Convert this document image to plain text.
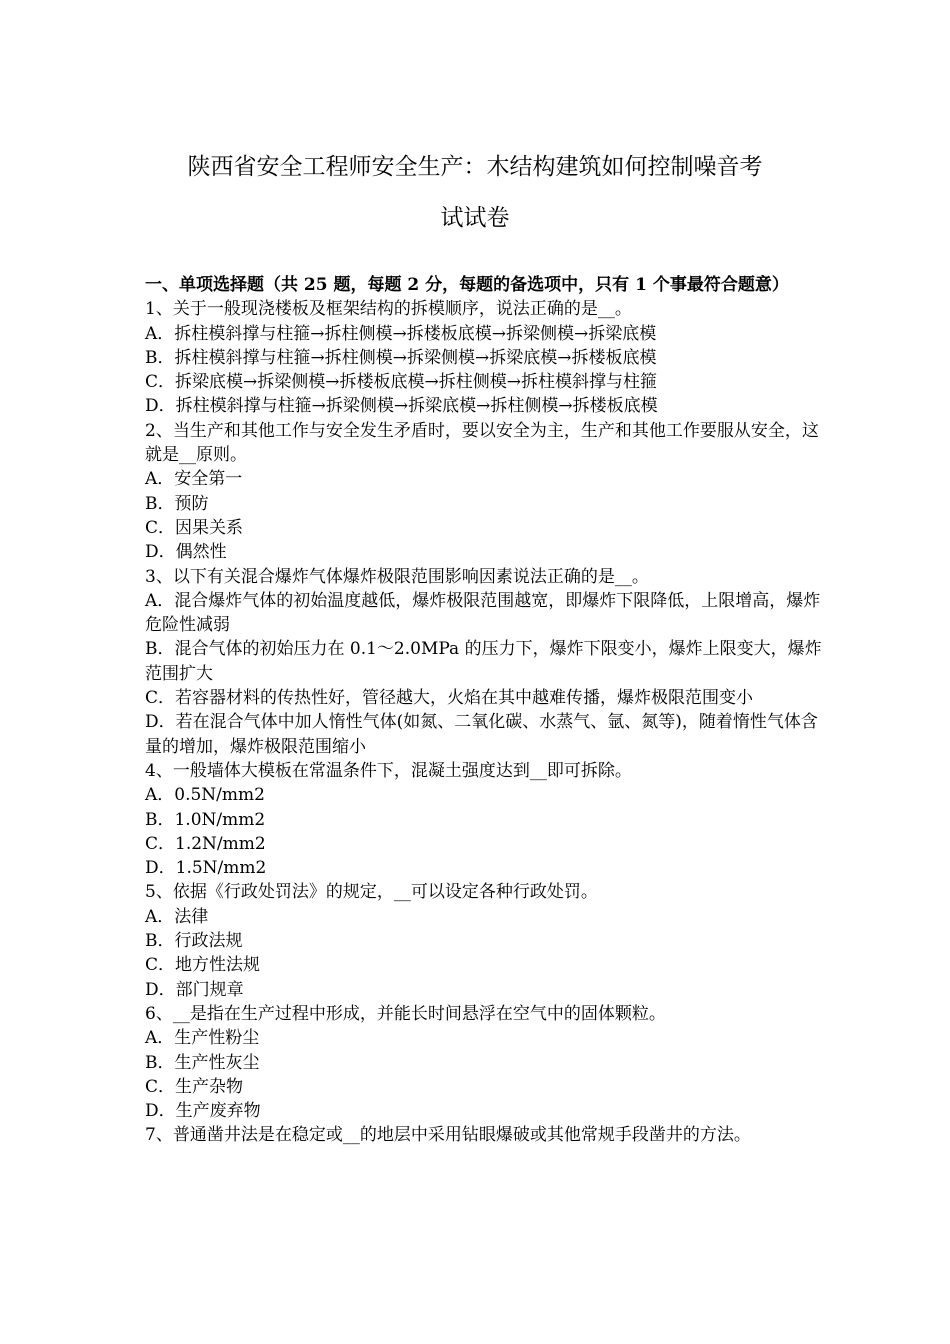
陕西省安全工程师安全生产：木结构建筑如何控制噪音考
试试卷

一、单项选择题（共 25 题，每题 2 分，每题的备选项中，只有 1 个事最符合题意）

1、关于一般现浇楼板及框架结构的拆模顺序，说法正确的是__。

A．拆柱模斜撑与柱箍→拆柱侧模→拆楼板底模→拆梁侧模→拆梁底模

B．拆柱模斜撑与柱箍→拆柱侧模→拆梁侧模→拆梁底模→拆楼板底模

C．拆梁底模→拆梁侧模→拆楼板底模→拆柱侧模→拆柱模斜撑与柱箍

D．拆柱模斜撑与柱箍→拆梁侧模→拆梁底模→拆柱侧模→拆楼板底模

2、当生产和其他工作与安全发生矛盾时，要以安全为主，生产和其他工作要服从安全，这就是__原则。

A．安全第一

B．预防

C．因果关系

D．偶然性

3、以下有关混合爆炸气体爆炸极限范围影响因素说法正确的是__。

A．混合爆炸气体的初始温度越低，爆炸极限范围越宽，即爆炸下限降低，上限增高，爆炸危险性减弱

B．混合气体的初始压力在 0.1～2.0MPa 的压力下，爆炸下限变小，爆炸上限变大，爆炸范围扩大

C．若容器材料的传热性好，管径越大，火焰在其中越难传播，爆炸极限范围变小

D．若在混合气体中加人惰性气体(如氮、二氧化碳、水蒸气、氩、氮等)，随着惰性气体含量的增加，爆炸极限范围缩小

4、一般墙体大模板在常温条件下，混凝土强度达到__即可拆除。

A．0.5N/mm2

B．1.0N/mm2

C．1.2N/mm2

D．1.5N/mm2

5、依据《行政处罚法》的规定，__可以设定各种行政处罚。

A．法律

B．行政法规

C．地方性法规

D．部门规章

6、__是指在生产过程中形成，并能长时间悬浮在空气中的固体颗粒。

A．生产性粉尘

B．生产性灰尘

C．生产杂物

D．生产废弃物

7、普通凿井法是在稳定或__的地层中采用钻眼爆破或其他常规手段凿井的方法。
